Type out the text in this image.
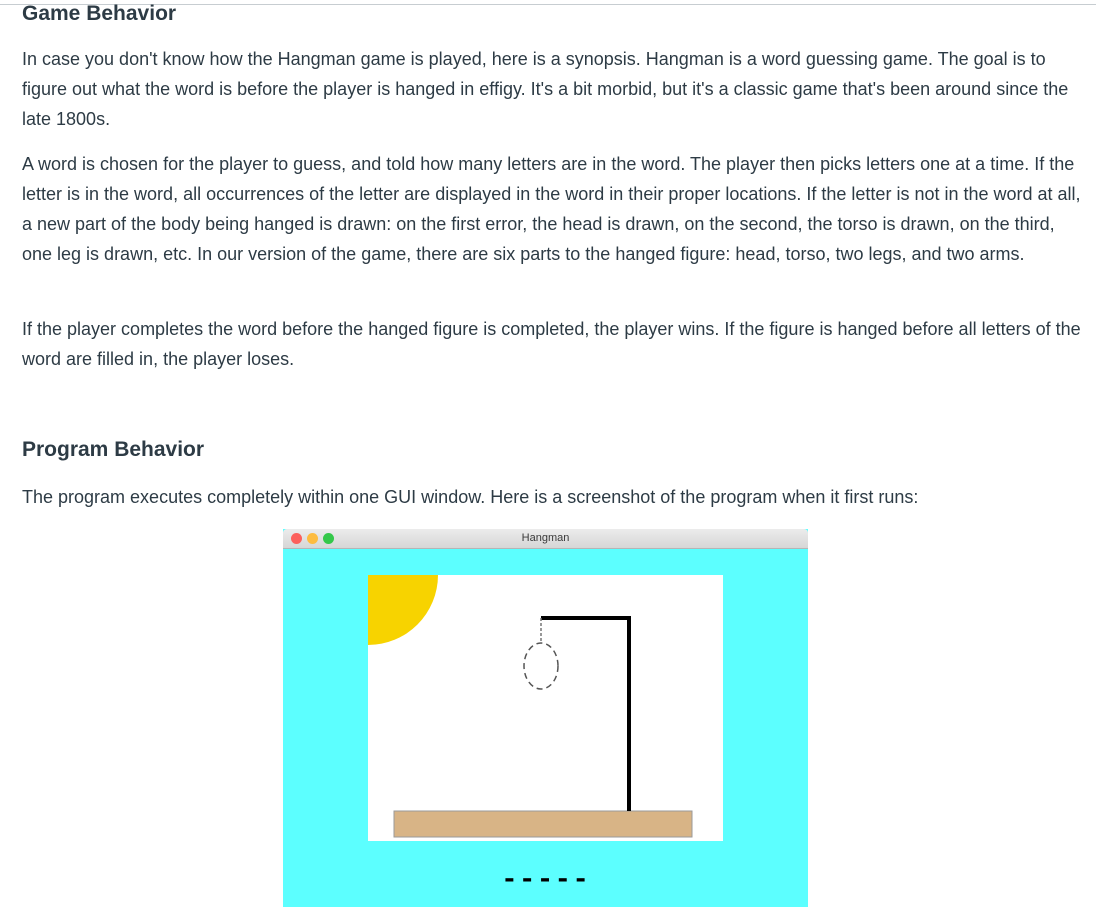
Game Behavior

In case you don't know how the Hangman game is played, here is a synopsis. Hangman is a word guessing game. The goal is to figure out what the word is before the player is hanged in effigy. It's a bit morbid, but it's a classic game that's been around since the late 1800s.

A word is chosen for the player to guess, and told how many letters are in the word. The player then picks letters one at a time. If the letter is in the word, all occurrences of the letter are displayed in the word in their proper locations. If the letter is not in the word at all, a new part of the body being hanged is drawn: on the first error, the head is drawn, on the second, the torso is drawn, on the third, one leg is drawn, etc. In our version of the game, there are six parts to the hanged figure: head, torso, two legs, and two arms.

If the player completes the word before the hanged figure is completed, the player wins. If the figure is hanged before all letters of the word are filled in, the player loses.

Program Behavior

The program executes completely within one GUI window. Here is a screenshot of the program when it first runs:

Hangman
-----
